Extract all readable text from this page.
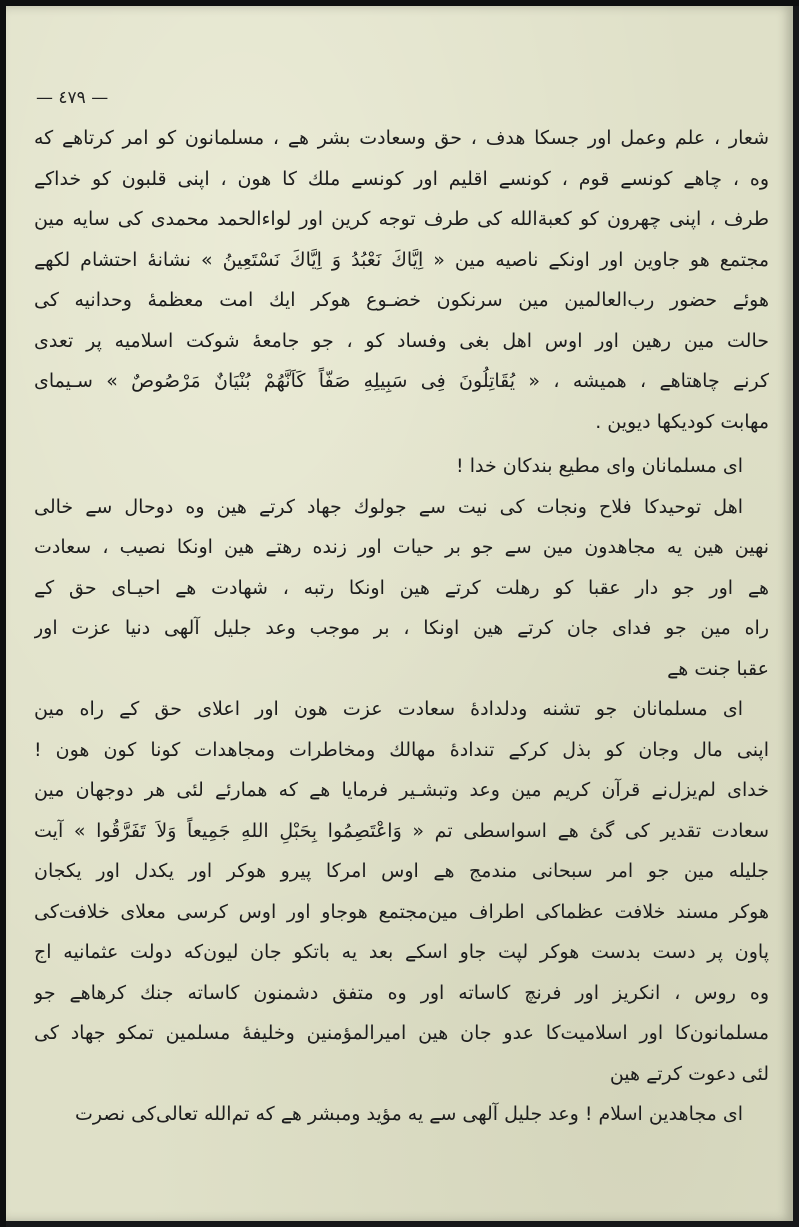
— ٤٧٩ —
شعار ، علم وعمل اور جسکا هدف ، حق وسعادت بشر هے ، مسلمانون کو امر کرتاهے که
وه ، چاهے کونسے قوم ، کونسے اقلیم اور کونسے ملك کا هون ، اپنی قلبون کو خداکے
طرف ، اپنی چهرون کو کعبةالله کی طرف توجه کرین اور لواءالحمد محمدی کی سایه مین
مجتمع هو جاوین اور اونکے ناصیه مین « اِیَّاكَ نَعْبُدُ وَ اِیَّاكَ نَسْتَعِینُ » نشانهٔ احتشام لکهے
هوئے حضور رب‌العالمین مین سرنکون خضـوع هوکر ایك امت معظمهٔ وحدانیه کی
حالت مین رهین اور اوس اهل بغی وفساد کو ، جو جامعهٔ شوکت اسلامیه پر تعدی
کرنے چاهتاهے ، همیشه ، « یُقَاتِلُونَ فِی سَبِیلِهِ صَفّاً کَاَنَّهُمْ بُنْیَانٌ مَرْصُوصٌ » سـیمای
مهابت کودیکها دیوین .
ای مسلمانان وای مطیع بندکان خدا !
اهل توحیدکا فلاح ونجات کی نیت سے جولوك جهاد کرتے هین وه دوحال سے خالی
نهین هین یه مجاهدون مین سے جو بر حیات اور زنده رهتے هین اونکا نصیب ، سعادت
هے اور جو دار عقبا کو رهلت کرتے هین اونکا رتبه ، شهادت هے احیـای حق کے
راه مین جو فدای جان کرتے هین اونکا ، بر موجب وعد جلیل آلهی دنیا عزت اور
عقبا جنت هے
ای مسلمانان جو تشنه ودلدادهٔ سعادت عزت هون اور اعلای حق کے راه مین
اپنی مال وجان کو بذل کرکے تندادهٔ مهالك ومخاطرات ومجاهدات کونا کون هون !
خدای لم‌یزل‌نے قرآن کریم مین وعد وتبشـیر فرمایا هے که همارئے لئی هر دوجهان مین
سعادت تقدیر کی گئ هے اسواسطی تم « وَاعْتَصِمُوا بِحَبْلِ اللهِ جَمِیعاً وَلاَ تَفَرَّقُوا » آیت
جلیله مین جو امر سبحانی مندمج هے اوس امرکا پیرو هوکر اور یکدل اور یکجان
هوکر مسند خلافت عظماکی اطراف مین‌مجتمع هوجاو اور اوس کرسی معلای خلافت‌کی
پاون پر دست بدست هوکر لپت جاو اسکے بعد یه باتکو جان لیون‌که دولت عثمانیه اج
وه روس ، انکریز اور فرنچ کاساته اور وه متفق دشمنون کاساته جنك کرهاهے جو
مسلمانون‌کا اور اسلامیت‌کا عدو جان هین امیرالمؤمنین وخلیفهٔ مسلمین تمکو جهاد کی
لئی دعوت کرتے هین
ای مجاهدین اسلام ! وعد جلیل آلهی سے یه مؤید ومبشر هے که تم‌الله تعالی‌کی نصرت
